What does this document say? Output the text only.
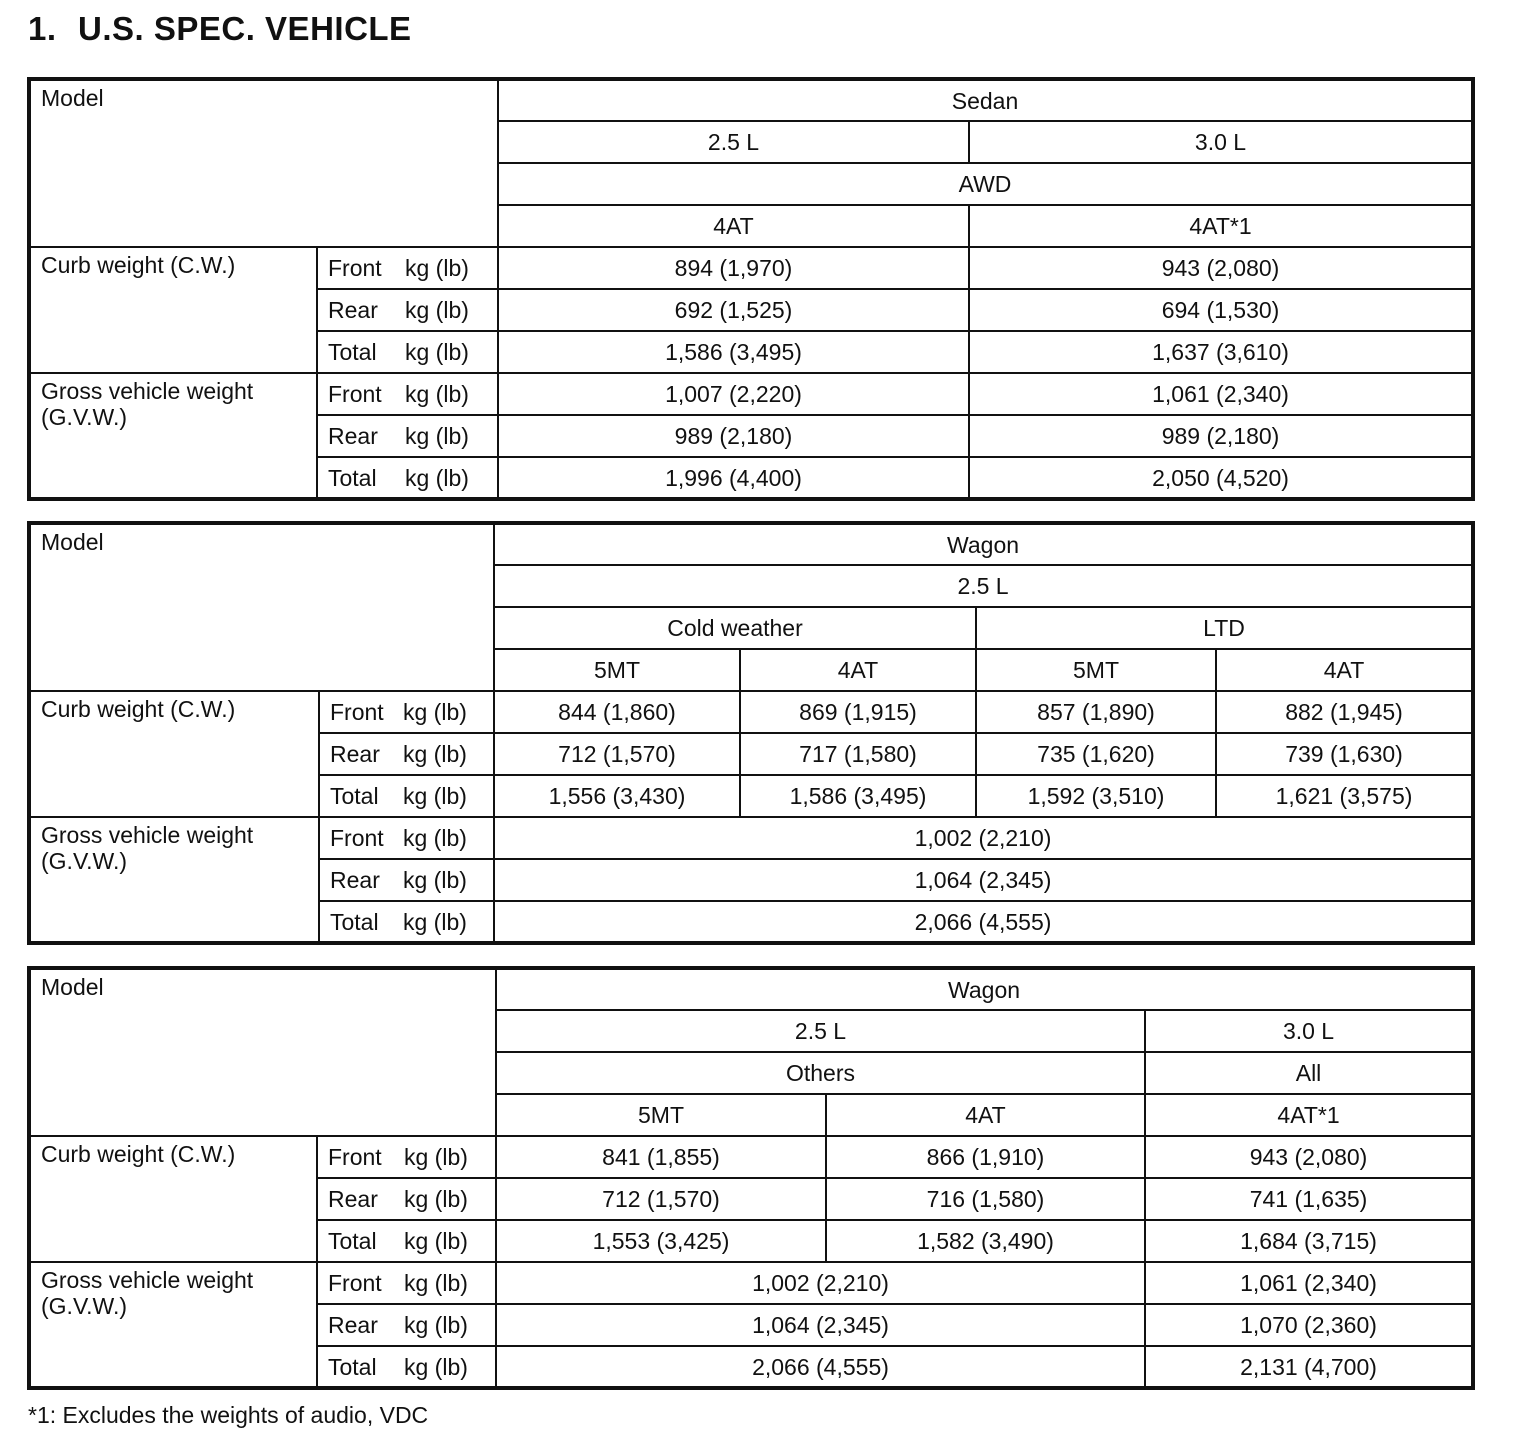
1. U.S. SPEC. VEHICLE
Model			Sedan	
			2.5 L	3.0 L
			AWD	
			4AT	4AT*1
Curb weight (C.W.)	Front	kg (lb)	894 (1,970)	943 (2,080)
	Rear	kg (lb)	692 (1,525)	694 (1,530)
	Total	kg (lb)	1,586 (3,495)	1,637 (3,610)
Gross vehicle weight
(G.V.W.)	Front	kg (lb)	1,007 (2,220)	1,061 (2,340)
	Rear	kg (lb)	989 (2,180)	989 (2,180)
	Total	kg (lb)	1,996 (4,400)	2,050 (4,520)
Model			Wagon			
			2.5 L			
			Cold weather		LTD	
			5MT	4AT	5MT	4AT
Curb weight (C.W.)	Front	kg (lb)	844 (1,860)	869 (1,915)	857 (1,890)	882 (1,945)
	Rear	kg (lb)	712 (1,570)	717 (1,580)	735 (1,620)	739 (1,630)
	Total	kg (lb)	1,556 (3,430)	1,586 (3,495)	1,592 (3,510)	1,621 (3,575)
Gross vehicle weight
(G.V.W.)	Front	kg (lb)	1,002 (2,210)			
	Rear	kg (lb)	1,064 (2,345)			
	Total	kg (lb)	2,066 (4,555)			
Model			Wagon		
			2.5 L		3.0 L
			Others		All
			5MT	4AT	4AT*1
Curb weight (C.W.)	Front	kg (lb)	841 (1,855)	866 (1,910)	943 (2,080)
	Rear	kg (lb)	712 (1,570)	716 (1,580)	741 (1,635)
	Total	kg (lb)	1,553 (3,425)	1,582 (3,490)	1,684 (3,715)
Gross vehicle weight
(G.V.W.)	Front	kg (lb)	1,002 (2,210)		1,061 (2,340)
	Rear	kg (lb)	1,064 (2,345)		1,070 (2,360)
	Total	kg (lb)	2,066 (4,555)		2,131 (4,700)
*1: Excludes the weights of audio, VDC
